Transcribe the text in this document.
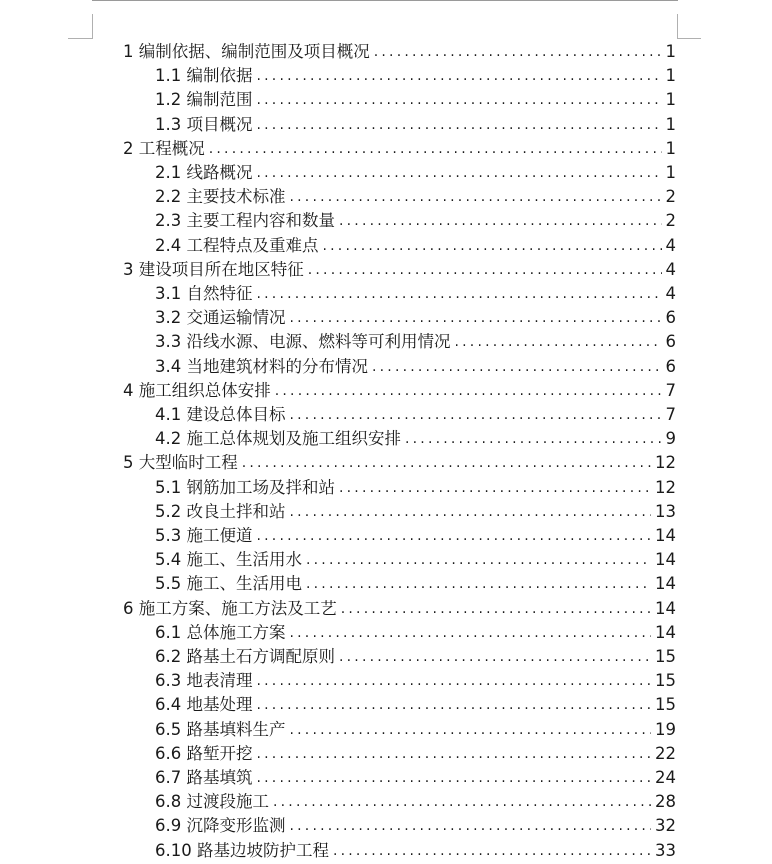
1 编制依据、编制范围及项目概况 .....	1
1.1 编制依据 .....	1
1.2 编制范围 .....	1
1.3 项目概况 .....	1
2 工程概况 .....	1
2.1 线路概况 .....	1
2.2 主要技术标准 .....	2
2.3 主要工程内容和数量 .....	2
2.4 工程特点及重难点 .....	4
3 建设项目所在地区特征 .....	4
3.1 自然特征 .....	4
3.2 交通运输情况 .....	6
3.3 沿线水源、电源、燃料等可利用情况 .....	6
3.4 当地建筑材料的分布情况 .....	6
4 施工组织总体安排 .....	7
4.1 建设总体目标 .....	7
4.2 施工总体规划及施工组织安排 .....	9
5 大型临时工程 .....	12
5.1 钢筋加工场及拌和站 .....	12
5.2 改良土拌和站 .....	13
5.3 施工便道 .....	14
5.4 施工、生活用水 .....	14
5.5 施工、生活用电 .....	14
6 施工方案、施工方法及工艺 .....	14
6.1 总体施工方案 .....	14
6.2 路基土石方调配原则 .....	15
6.3 地表清理 .....	15
6.4 地基处理 .....	15
6.5 路基填料生产 .....	19
6.6 路堑开挖 .....	22
6.7 路基填筑 .....	24
6.8 过渡段施工 .....	28
6.9 沉降变形监测 .....	32
6.10 路基边坡防护工程 .....	33
